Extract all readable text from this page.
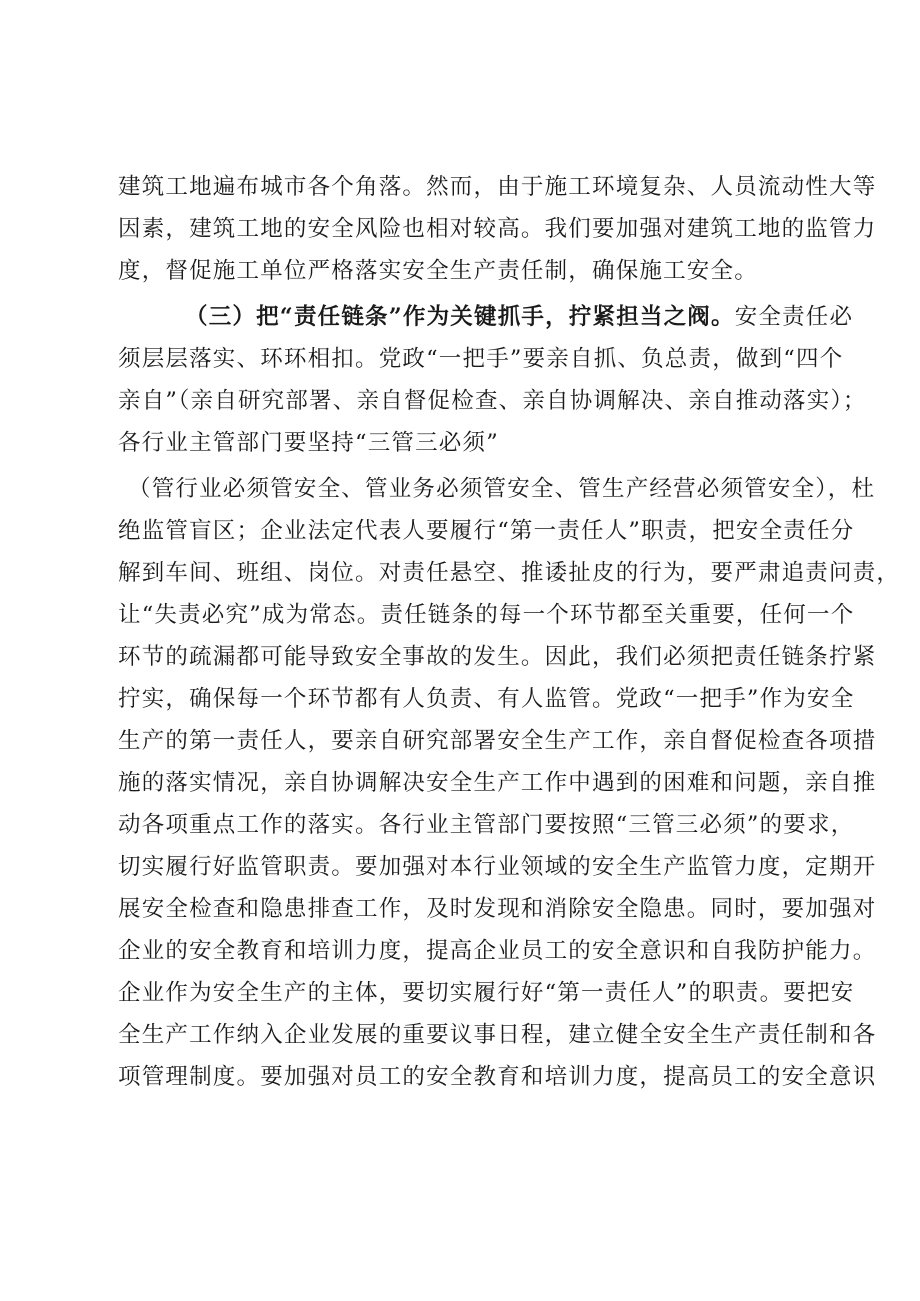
建筑工地遍布城市各个角落。然而，由于施工环境复杂、人员流动性大等
因素，建筑工地的安全风险也相对较高。我们要加强对建筑工地的监管力
度，督促施工单位严格落实安全生产责任制，确保施工安全。
（三）把“责任链条”作为关键抓手，拧紧担当之阀。安全责任必
须层层落实、环环相扣。党政“一把手”要亲自抓、负总责，做到“四个
亲自”（亲自研究部署、亲自督促检查、亲自协调解决、亲自推动落实）；
各行业主管部门要坚持“三管三必须”
（管行业必须管安全、管业务必须管安全、管生产经营必须管安全），杜
绝监管盲区；企业法定代表人要履行“第一责任人”职责，把安全责任分
解到车间、班组、岗位。对责任悬空、推诿扯皮的行为，要严肃追责问责，
让“失责必究”成为常态。责任链条的每一个环节都至关重要，任何一个
环节的疏漏都可能导致安全事故的发生。因此，我们必须把责任链条拧紧
拧实，确保每一个环节都有人负责、有人监管。党政“一把手”作为安全
生产的第一责任人，要亲自研究部署安全生产工作，亲自督促检查各项措
施的落实情况，亲自协调解决安全生产工作中遇到的困难和问题，亲自推
动各项重点工作的落实。各行业主管部门要按照“三管三必须”的要求，
切实履行好监管职责。要加强对本行业领域的安全生产监管力度，定期开
展安全检查和隐患排查工作，及时发现和消除安全隐患。同时，要加强对
企业的安全教育和培训力度，提高企业员工的安全意识和自我防护能力。
企业作为安全生产的主体，要切实履行好“第一责任人”的职责。要把安
全生产工作纳入企业发展的重要议事日程，建立健全安全生产责任制和各
项管理制度。要加强对员工的安全教育和培训力度，提高员工的安全意识
